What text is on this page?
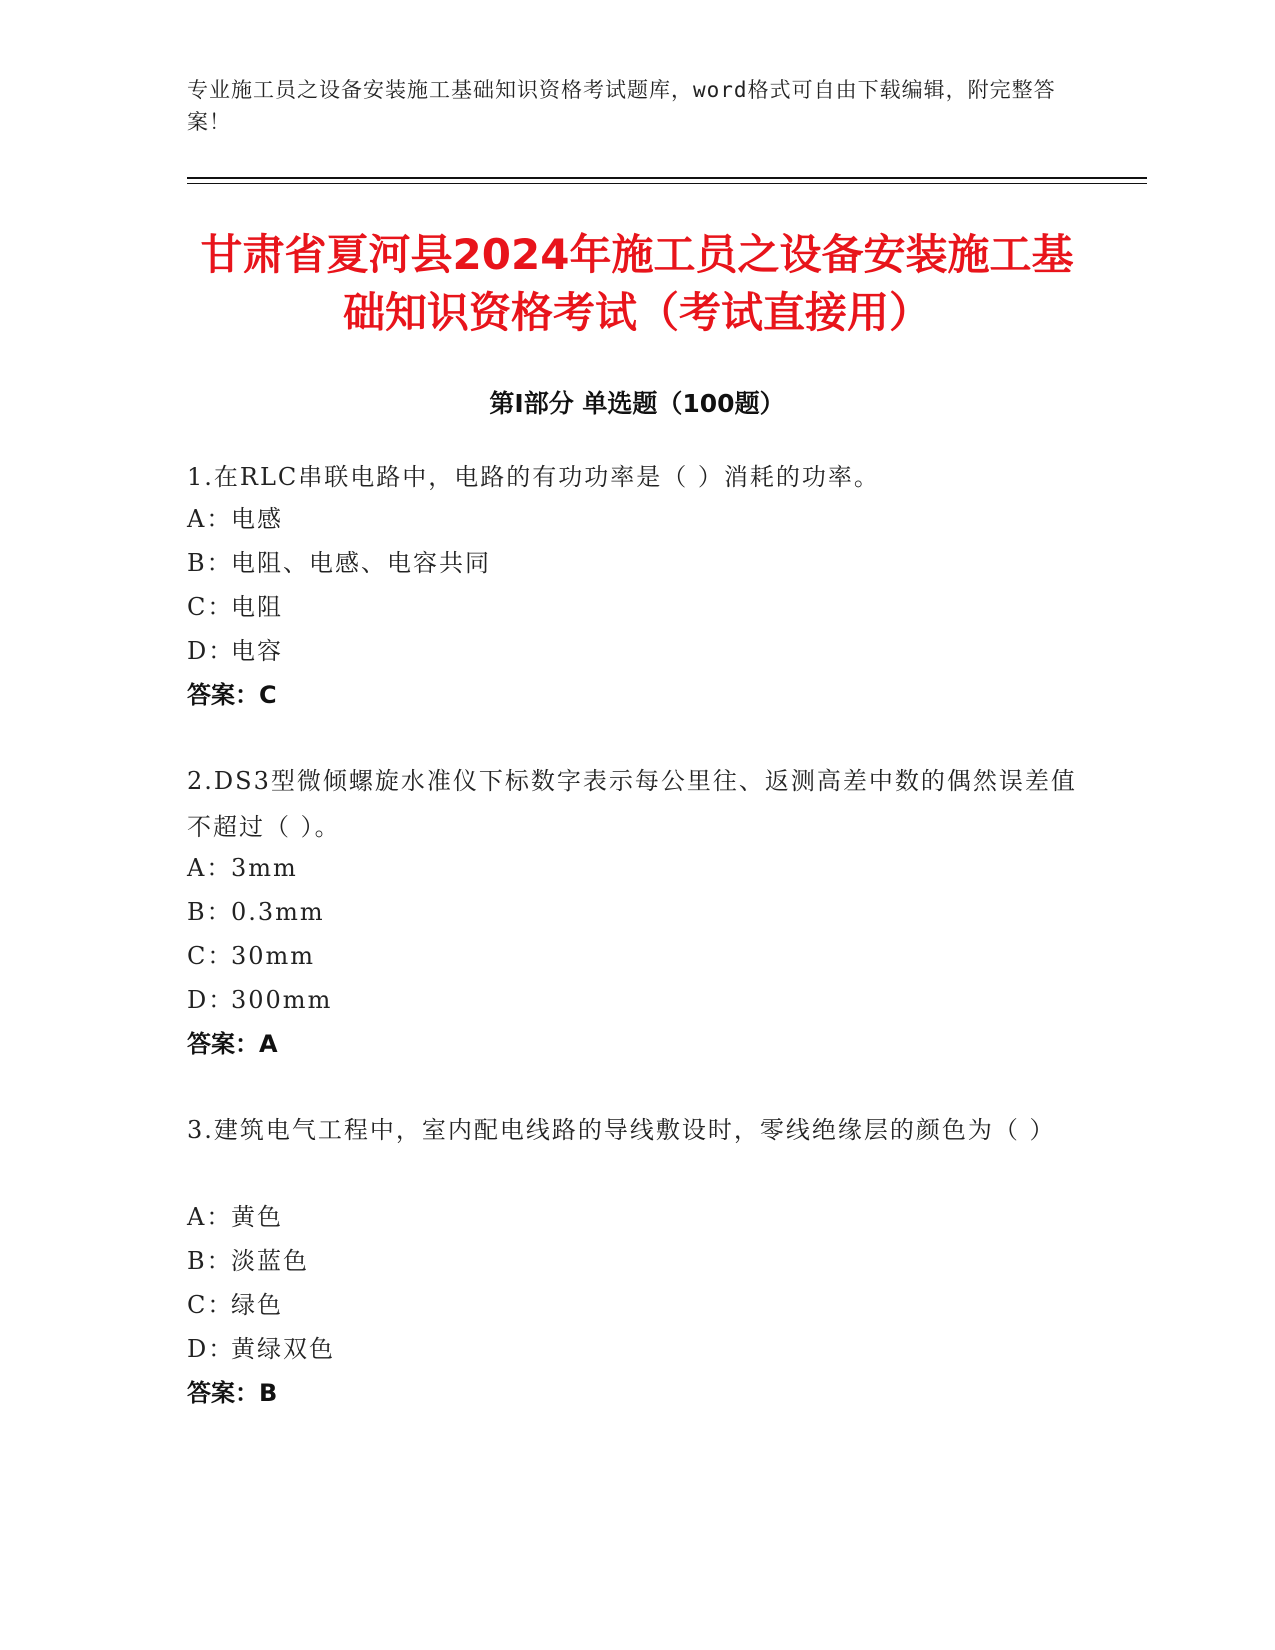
专业施工员之设备安装施工基础知识资格考试题库，word格式可自由下载编辑，附完整答案！
甘肃省夏河县2024年施工员之设备安装施工基础知识资格考试（考试直接用）
第Ⅰ部分 单选题（100题）
1.在RLC串联电路中，电路的有功功率是（ ）消耗的功率。
A：电感
B：电阻、电感、电容共同
C：电阻
D：电容
答案：C
2.DS3型微倾螺旋水准仪下标数字表示每公里往、返测高差中数的偶然误差值不超过（ ）。
A：3mm
B：0.3mm
C：30mm
D：300mm
答案：A
3.建筑电气工程中，室内配电线路的导线敷设时，零线绝缘层的颜色为（ ）
A：黄色
B：淡蓝色
C：绿色
D：黄绿双色
答案：B
